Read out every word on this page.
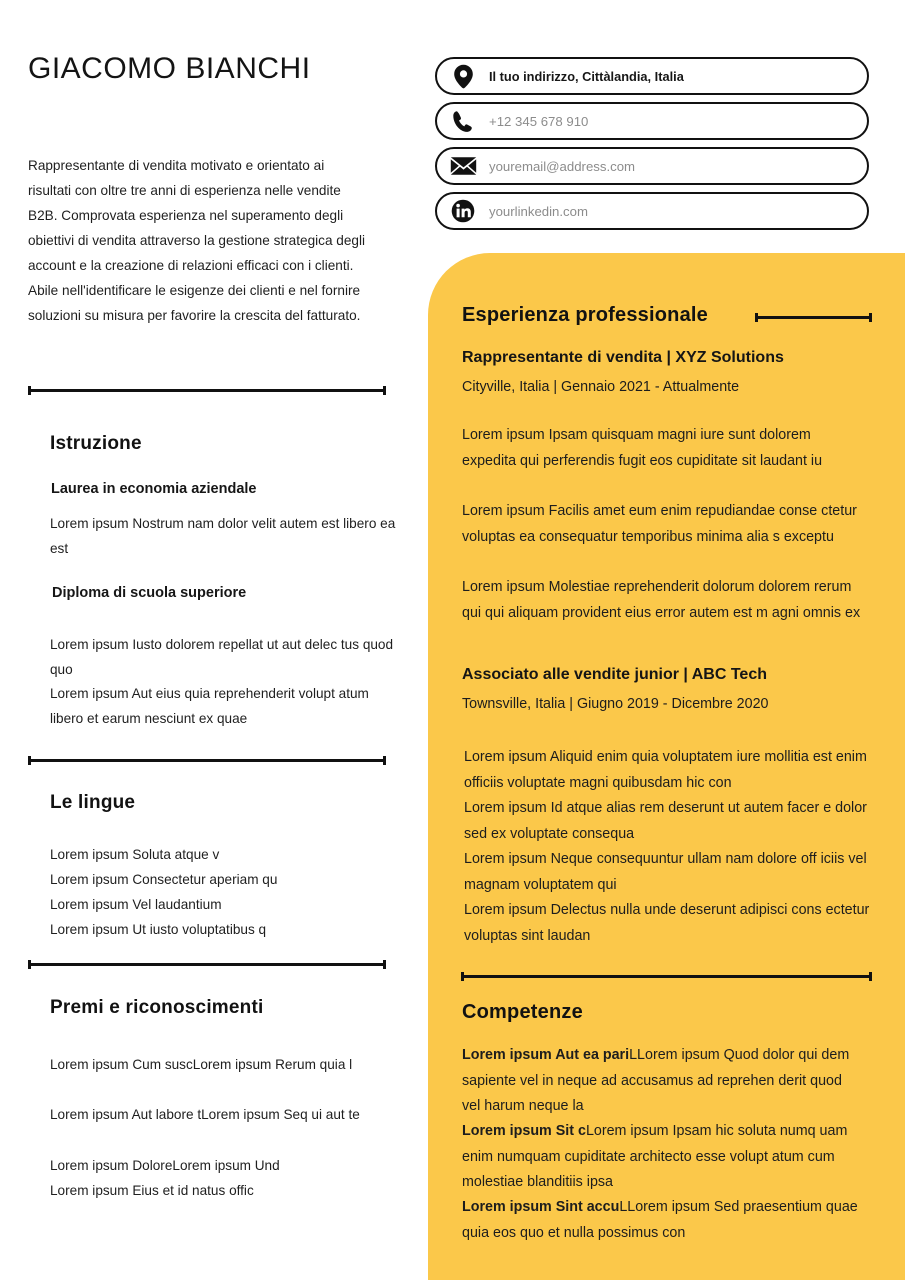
GIACOMO BIANCHI
Rappresentante di vendita motivato e orientato ai risultati con oltre tre anni di esperienza nelle vendite B2B. Comprovata esperienza nel superamento degli obiettivi di vendita attraverso la gestione strategica degli account e la creazione di relazioni efficaci con i clienti. Abile nell'identificare le esigenze dei clienti e nel fornire soluzioni su misura per favorire la crescita del fatturato.
Istruzione
Laurea in economia aziendale
Lorem ipsum Nostrum nam dolor velit autem est libero ea est
Diploma di scuola superiore
Lorem ipsum Iusto dolorem repellat ut aut delec tus quod quo
Lorem ipsum Aut eius quia reprehenderit volupt atum libero et earum nesciunt ex quae
Le lingue
Lorem ipsum Soluta atque v
Lorem ipsum Consectetur aperiam qu
Lorem ipsum Vel laudantium
Lorem ipsum Ut iusto voluptatibus q
Premi e riconoscimenti
Lorem ipsum Cum suscLorem ipsum Rerum quia l
Lorem ipsum Aut labore tLorem ipsum Seq ui aut te
Lorem ipsum DoloreLorem ipsum Und
Lorem ipsum Eius et id natus offic
Esperienza professionale
Rappresentante di vendita | XYZ Solutions
Cityville, Italia | Gennaio 2021 - Attualmente
Lorem ipsum Ipsam quisquam magni iure sunt dolorem expedita qui perferendis fugit eos cupiditate sit laudant iu
Lorem ipsum Facilis amet eum enim repudiandae conse ctetur voluptas ea consequatur temporibus minima alia s exceptu
Lorem ipsum Molestiae reprehenderit dolorum dolorem rerum qui qui aliquam provident eius error autem est m agni omnis ex
Associato alle vendite junior | ABC Tech
Townsville, Italia | Giugno 2019 - Dicembre 2020
Lorem ipsum Aliquid enim quia voluptatem iure mollitia est enim officiis voluptate magni quibusdam hic con
Lorem ipsum Id atque alias rem deserunt ut autem facer e dolor sed ex voluptate consequa
Lorem ipsum Neque consequuntur ullam nam dolore off iciis vel magnam voluptatem qui
Lorem ipsum Delectus nulla unde deserunt adipisci cons ectetur voluptas sint laudan
Competenze
Lorem ipsum Aut ea pariLLorem ipsum Quod dolor qui dem sapiente vel in neque ad accusamus ad reprehen derit quod vel harum neque la
Lorem ipsum Sit cLorem ipsum Ipsam hic soluta numq uam enim numquam cupiditate architecto esse volupt atum cum molestiae blanditiis ipsa
Lorem ipsum Sint accuLLorem ipsum Sed praesentium quae quia eos quo et nulla possimus con
Il tuo indirizzo, Cittàlandia, Italia
+12 345 678 910
youremail@address.com
yourlinkedin.com
